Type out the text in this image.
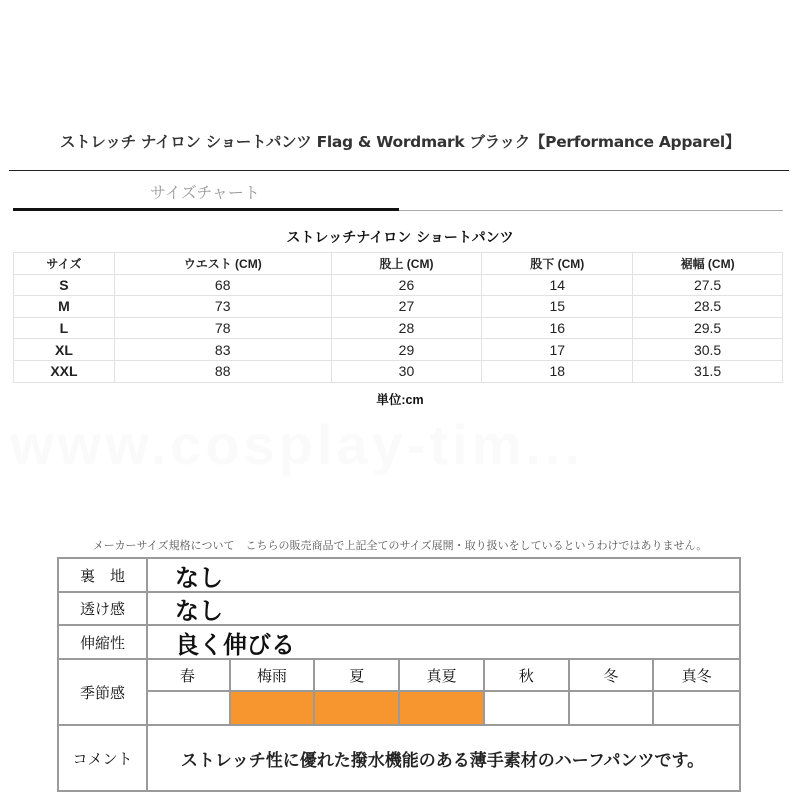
ストレッチ ナイロン ショートパンツ Flag & Wordmark ブラック【Performance Apparel】
サイズチャート
ストレッチナイロン ショートパンツ
サイズ	ウエスト (CM)	股上 (CM)	股下 (CM)	裾幅 (CM)
S	68	26	14	27.5
M	73	27	15	28.5
L	78	28	16	29.5
XL	83	29	17	30.5
XXL	88	30	18	31.5
単位:cm
www.cosplay-tim...
メーカーサイズ規格について　こちらの販売商品で上記全てのサイズ展開・取り扱いをしているというわけではありません。
裏　地	なし
透け感	なし
伸縮性	良く伸びる
季節感
春	梅雨	夏	真夏	秋	冬	真冬
コメント	ストレッチ性に優れた撥水機能のある薄手素材のハーフパンツです。
